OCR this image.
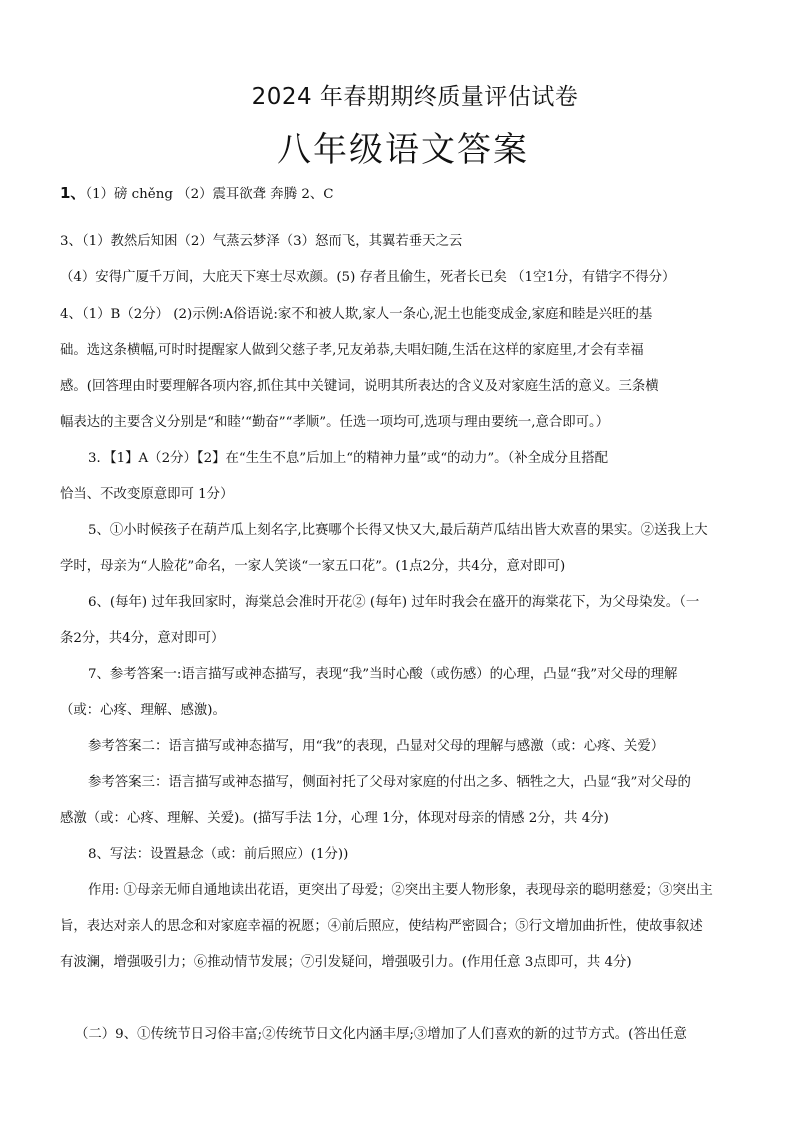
2024 年春期期终质量评估试卷
八年级语文答案
1、（1）磅 chěng （2）震耳欲聋 奔腾 2、C
3、（1）教然后知困（2）气蒸云梦泽（3）怒而飞，其翼若垂天之云
（4）安得广厦千万间，大庇天下寒士尽欢颜。(5) 存者且偷生，死者长已矣 （1空1分，有错字不得分）
4、（1）B（2分） (2)示例:A俗语说:家不和被人欺,家人一条心,泥土也能变成金,家庭和睦是兴旺的基
础。选这条横幅,可时时提醒家人做到父慈子孝,兄友弟恭,夫唱妇随,生活在这样的家庭里,才会有幸福
感。(回答理由时要理解各项内容,抓住其中关键词，说明其所表达的含义及对家庭生活的意义。三条横
幅表达的主要含义分别是“和睦’“勤奋”“孝顺”。任选一项均可,选项与理由要统一,意合即可。）
3．【1】A（2分）【2】在“生生不息”后加上“的精神力量”或“的动力”。（补全成分且搭配
恰当、不改变原意即可 1分）
5、①小时候孩子在葫芦瓜上刻名字,比赛哪个长得又快又大,最后葫芦瓜结出皆大欢喜的果实。②送我上大
学时，母亲为“人脸花”命名，一家人笑谈“一家五口花”。(1点2分，共4分，意对即可)
6、(每年) 过年我回家时，海棠总会准时开花② (每年) 过年时我会在盛开的海棠花下，为父母染发。（一
条2分，共4分，意对即可）
7、参考答案一:语言描写或神态描写，表现“我”当时心酸（或伤感）的心理，凸显“我”对父母的理解
（或：心疼、理解、感激)。
参考答案二：语言描写或神态描写，用“我”的表现，凸显对父母的理解与感激（或：心疼、关爱）
参考答案三：语言描写或神态描写，侧面衬托了父母对家庭的付出之多、牺牲之大，凸显“我”对父母的
感激（或：心疼、理解、关爱)。(描写手法 1分，心理 1分，体现对母亲的情感 2分，共 4分)
8、写法：设置悬念（或：前后照应）(1分))
作用: ①母亲无师自通地读出花语，更突出了母爱；②突出主要人物形象，表现母亲的聪明慈爱；③突出主
旨，表达对亲人的思念和对家庭幸福的祝愿；④前后照应，使结构严密圆合；⑤行文增加曲折性，使故事叙述
有波澜，增强吸引力；⑥推动情节发展；⑦引发疑问，增强吸引力。(作用任意 3点即可，共 4分)
（二）9、①传统节日习俗丰富;②传统节日文化内涵丰厚;③增加了人们喜欢的新的过节方式。(答出任意
